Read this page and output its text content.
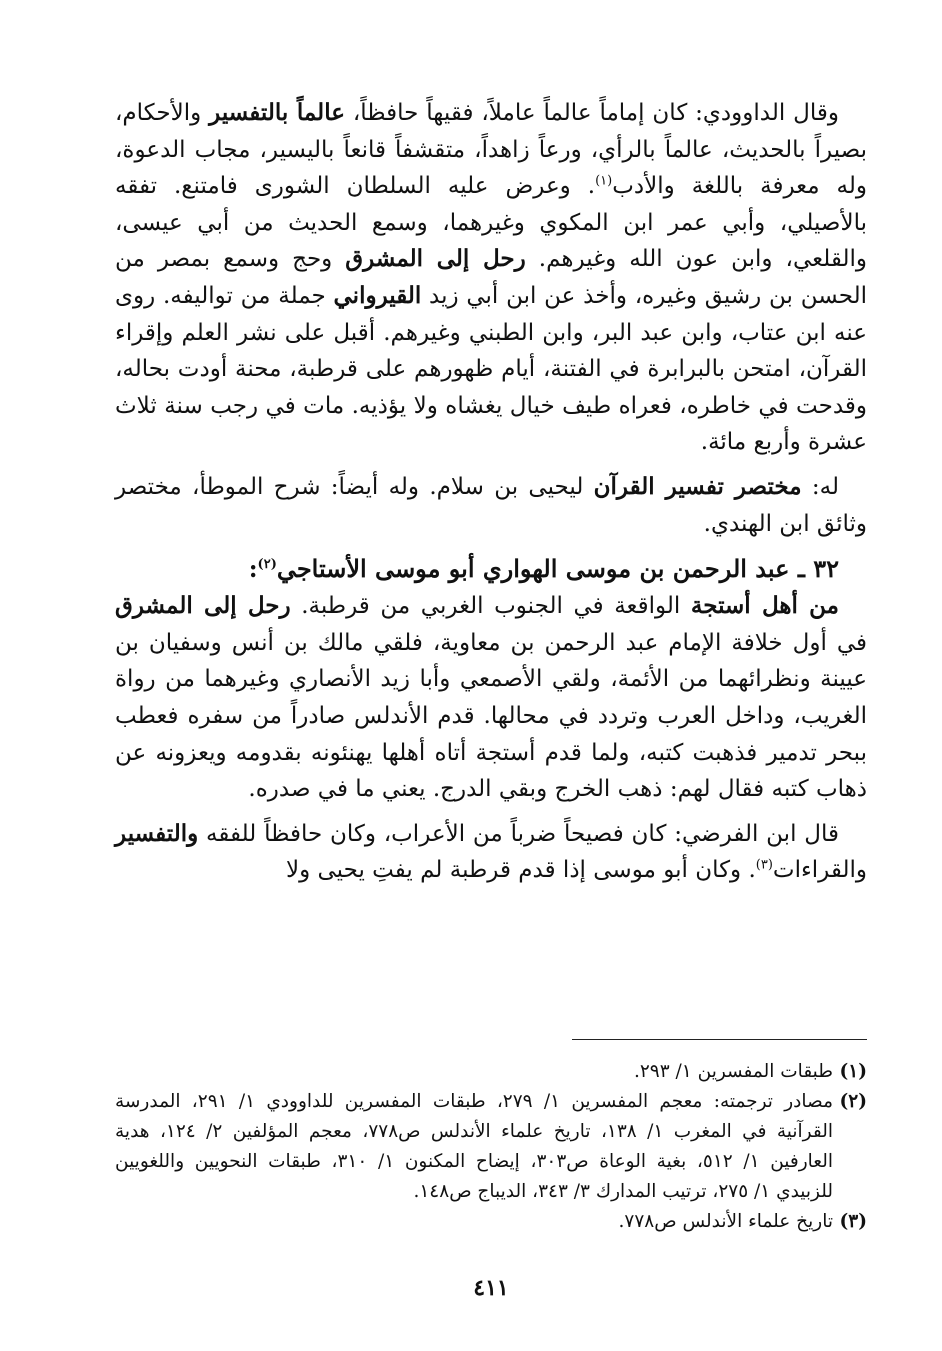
وقال الداوودي: كان إماماً عالماً عاملاً، فقيهاً حافظاً، عالماً بالتفسير والأحكام، بصيراً بالحديث، عالماً بالرأي، ورعاً زاهداً، متقشفاً قانعاً باليسير، مجاب الدعوة، وله معرفة باللغة والأدب$^{(١)}$. وعرض عليه السلطان الشورى فامتنع. تفقه بالأصيلي، وأبي عمر ابن المكوي وغيرهما، وسمع الحديث من أبي عيسى، والقلعي، وابن عون الله وغيرهم. رحل إلى المشرق وحج وسمع بمصر من الحسن بن رشيق وغيره، وأخذ عن ابن أبي زيد القيرواني جملة من تواليفه. روى عنه ابن عتاب، وابن عبد البر، وابن الطبني وغيرهم. أقبل على نشر العلم وإقراء القرآن، امتحن بالبرابرة في الفتنة، أيام ظهورهم على قرطبة، محنة أودت بحاله، وقدحت في خاطره، فعراه طيف خيال يغشاه ولا يؤذيه. مات في رجب سنة ثلاث عشرة وأربع مائة.

له: مختصر تفسير القرآن ليحيى بن سلام. وله أيضاً: شرح الموطأ، مختصر وثائق ابن الهندي.

٣٢ ـ عبد الرحمن بن موسى الهواري أبو موسى الأستاجي$^{(٢)}$:

من أهل أستجة الواقعة في الجنوب الغربي من قرطبة. رحل إلى المشرق في أول خلافة الإمام عبد الرحمن بن معاوية، فلقي مالك بن أنس وسفيان بن عيينة ونظرائهما من الأئمة، ولقي الأصمعي وأبا زيد الأنصاري وغيرهما من رواة الغريب، وداخل العرب وتردد في محالها. قدم الأندلس صادراً من سفره فعطب ببحر تدمير فذهبت كتبه، ولما قدم أستجة أتاه أهلها يهنئونه بقدومه ويعزونه عن ذهاب كتبه فقال لهم: ذهب الخرج وبقي الدرج. يعني ما في صدره.

قال ابن الفرضي: كان فصيحاً ضرباً من الأعراب، وكان حافظاً للفقه والتفسير والقراءات$^{(٣)}$. وكان أبو موسى إذا قدم قرطبة لم يفتِ يحيى ولا

(١)
طبقات المفسرين ١/ ٢٩٣.

(٢)
مصادر ترجمته: معجم المفسرين ١/ ٢٧٩، طبقات المفسرين للداوودي ١/ ٢٩١، المدرسة القرآنية في المغرب ١/ ١٣٨، تاريخ علماء الأندلس ص٧٧٨، معجم المؤلفين ٢/ ١٢٤، هدية العارفين ١/ ٥١٢، بغية الوعاة ص٣٠٣، إيضاح المكنون ١/ ٣١٠، طبقات النحويين واللغويين للزبيدي ١/ ٢٧٥، ترتيب المدارك ٣/ ٣٤٣، الديباج ص١٤٨.

(٣)
تاريخ علماء الأندلس ص٧٧٨.

٤١١
